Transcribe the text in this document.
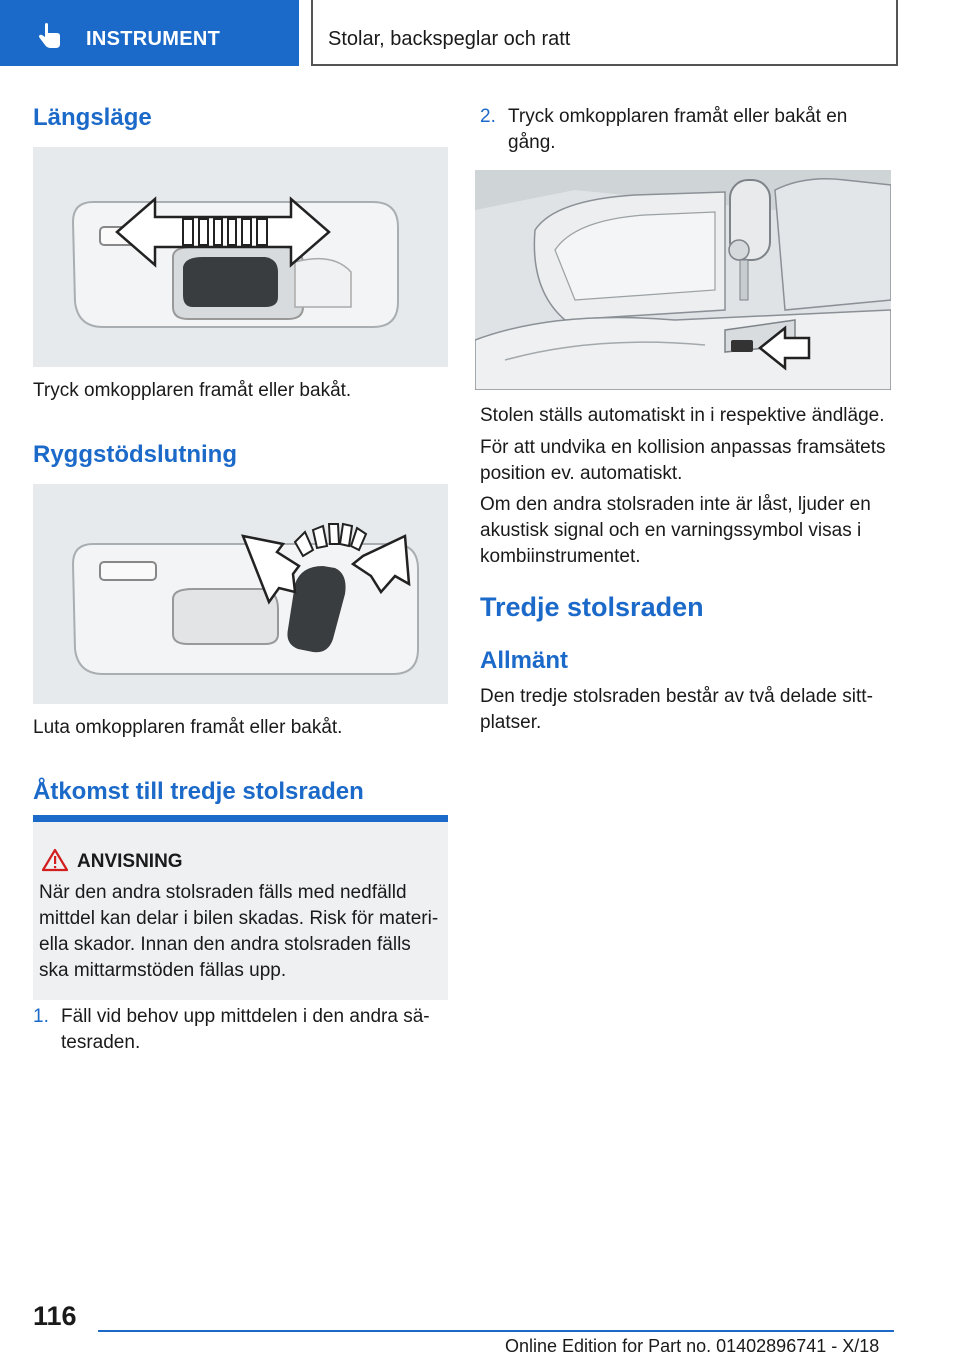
INSTRUMENT	Stolar, backspeglar och ratt
Längsläge

Tryck omkopplaren framåt eller bakåt.

Ryggstödslutning

Luta omkopplaren framåt eller bakåt.

Åtkomst till tredje stolsraden
ANVISNING
När den andra stolsraden fälls med nedfälld mittdel kan delar i bilen skadas. Risk för materiella skador. Innan den andra stolsraden fälls ska mittarmstöden fällas upp.
1. Fäll vid behov upp mittdelen i den andra sätesraden.
2. Tryck omkopplaren framåt eller bakåt en gång.

Stolen ställs automatiskt in i respektive ändläge.

För att undvika en kollision anpassas framsätets position ev. automatiskt.

Om den andra stolsraden inte är låst, ljuder en akustisk signal och en varningssymbol visas i kombiinstrumentet.

Tredje stolsraden
Allmänt

Den tredje stolsraden består av två delade sittplatser.

116
Online Edition for Part no. 01402896741 - X/18
